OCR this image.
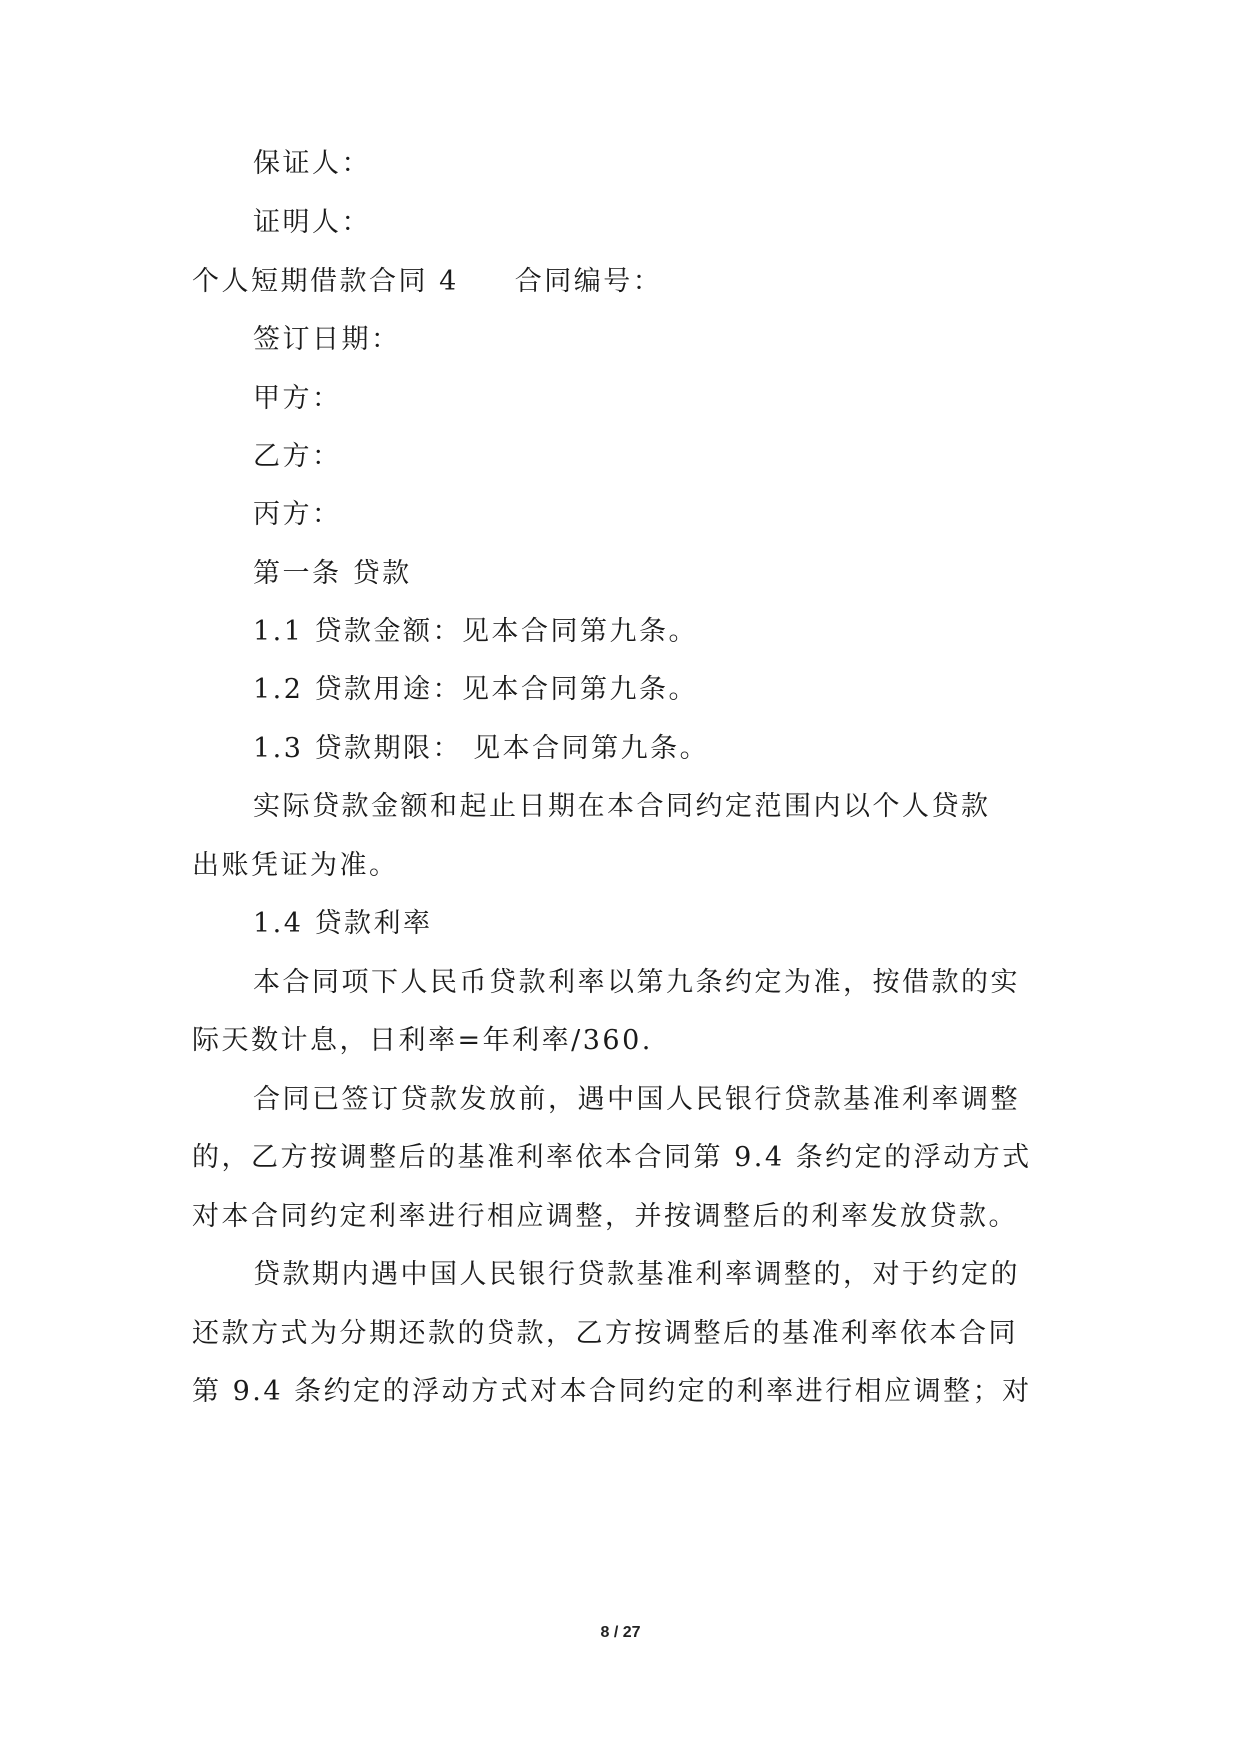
保证人：
证明人：
个人短期借款合同 4 合同编号：
签订日期：
甲方：
乙方：
丙方：
第一条 贷款
1.1 贷款金额：见本合同第九条。
1.2 贷款用途：见本合同第九条。
1.3 贷款期限： 见本合同第九条。
实际贷款金额和起止日期在本合同约定范围内以个人贷款
出账凭证为准。
1.4 贷款利率
本合同项下人民币贷款利率以第九条约定为准，按借款的实
际天数计息，日利率=年利率/360.
合同已签订贷款发放前，遇中国人民银行贷款基准利率调整
的，乙方按调整后的基准利率依本合同第 9.4 条约定的浮动方式
对本合同约定利率进行相应调整，并按调整后的利率发放贷款。
贷款期内遇中国人民银行贷款基准利率调整的，对于约定的
还款方式为分期还款的贷款，乙方按调整后的基准利率依本合同
第 9.4 条约定的浮动方式对本合同约定的利率进行相应调整；对
8 / 27
